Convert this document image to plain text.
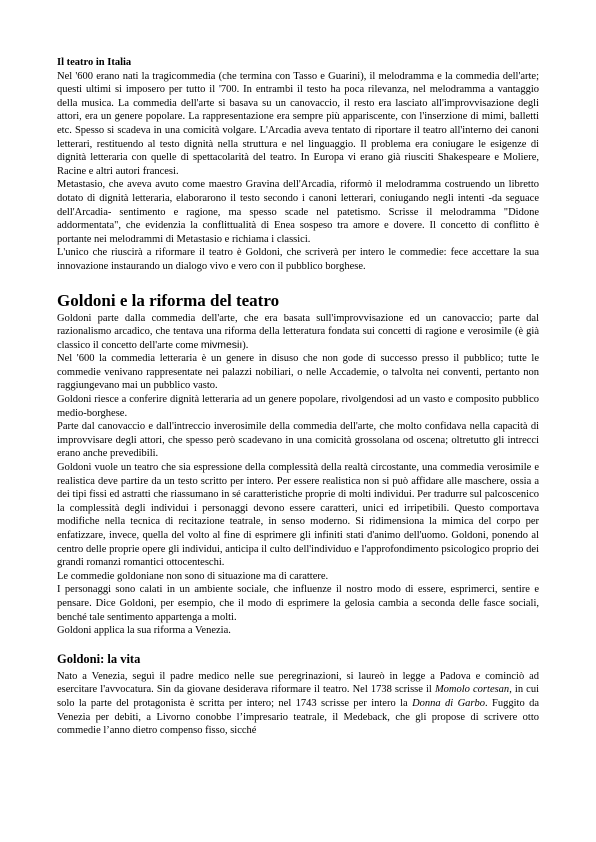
Il teatro in Italia

Nel '600 erano nati la tragicommedia (che termina con Tasso e Guarini), il melodramma e la commedia dell'arte; questi ultimi si imposero per tutto il '700. In entrambi il testo ha poca rilevanza, nel melodramma a vantaggio della musica. La commedia dell'arte si basava su un canovaccio, il resto era lasciato all'improvvisazione degli attori, era un genere popolare. La rappresentazione era sempre più appariscente, con l'inserzione di mimi, balletti etc. Spesso si scadeva in una comicità volgare. L'Arcadia aveva tentato di riportare il teatro all'interno dei canoni letterari, restituendo al testo dignità nella struttura e nel linguaggio. Il problema era coniugare le esigenze di dignità letteraria con quelle di spettacolarità del teatro. In Europa vi erano già riusciti Shakespeare e Moliere, Racine e altri autori francesi.

Metastasio, che aveva avuto come maestro Gravina dell'Arcadia, riformò il melodramma costruendo un libretto dotato di dignità letteraria, elaborarono il testo secondo i canoni letterari, coniugando negli intenti -da seguace dell'Arcadia- sentimento e ragione, ma spesso scade nel patetismo. Scrisse il melodramma "Didone addormentata", che evidenzia la conflittualità di Enea sospeso tra amore e dovere. Il concetto di conflitto è portante nei melodrammi di Metastasio e richiama i classici.

L'unico che riuscirà a riformare il teatro è Goldoni, che scriverà per intero le commedie: fece accettare la sua innovazione instaurando un dialogo vivo e vero con il pubblico borghese.

Goldoni e la riforma del teatro

Goldoni parte dalla commedia dell'arte, che era basata sull'improvvisazione ed un canovaccio; parte dal razionalismo arcadico, che tentava una riforma della letteratura fondata sui concetti di ragione e verosimile (è già classico il concetto dell'arte come mivmesiı).

Nel '600 la commedia letteraria è un genere in disuso che non gode di successo presso il pubblico; tutte le commedie venivano rappresentate nei palazzi nobiliari, o nelle Accademie, o talvolta nei conventi, pertanto non raggiungevano mai un pubblico vasto.

Goldoni riesce a conferire dignità letteraria ad un genere popolare, rivolgendosi ad un vasto e composito pubblico medio-borghese.

Parte dal canovaccio e dall'intreccio inverosimile della commedia dell'arte, che molto confidava nella capacità di improvvisare degli attori, che spesso però scadevano in una comicità grossolana od oscena; oltretutto gli intrecci erano anche prevedibili.

Goldoni vuole un teatro che sia espressione della complessità della realtà circostante, una commedia verosimile e realistica deve partire da un testo scritto per intero. Per essere realistica non si può affidare alle maschere, ossia a dei tipi fissi ed astratti che riassumano in sé caratteristiche proprie di molti individui. Per tradurre sul palcoscenico la complessità degli individui i personaggi devono essere caratteri, unici ed irripetibili. Questo comportava modifiche nella tecnica di recitazione teatrale, in senso moderno. Si ridimensiona la mimica del corpo per enfatizzare, invece, quella del volto al fine di esprimere gli infiniti stati d'animo dell'uomo. Goldoni, ponendo al centro delle proprie opere gli individui, anticipa il culto dell'individuo e l'approfondimento psicologico proprio dei grandi romanzi romantici ottocenteschi.

Le commedie goldoniane non sono di situazione ma di carattere.

I personaggi sono calati in un ambiente sociale, che influenze il nostro modo di essere, esprimerci, sentire e pensare. Dice Goldoni, per esempio, che il modo di esprimere la gelosia cambia a seconda delle fasce sociali, benché tale sentimento appartenga a molti.

Goldoni applica la sua riforma a Venezia.

Goldoni: la vita

Nato a Venezia, seguì il padre medico nelle sue peregrinazioni, si laureò in legge a Padova e cominciò ad esercitare l'avvocatura. Sin da giovane desiderava riformare il teatro. Nel 1738 scrisse il Momolo cortesan, in cui solo la parte del protagonista è scritta per intero; nel 1743 scrisse per intero la Donna di Garbo. Fuggito da Venezia per debiti, a Livorno conobbe l’impresario teatrale, il Medeback, che gli propose di scrivere otto commedie l’anno dietro compenso fisso, sicché
